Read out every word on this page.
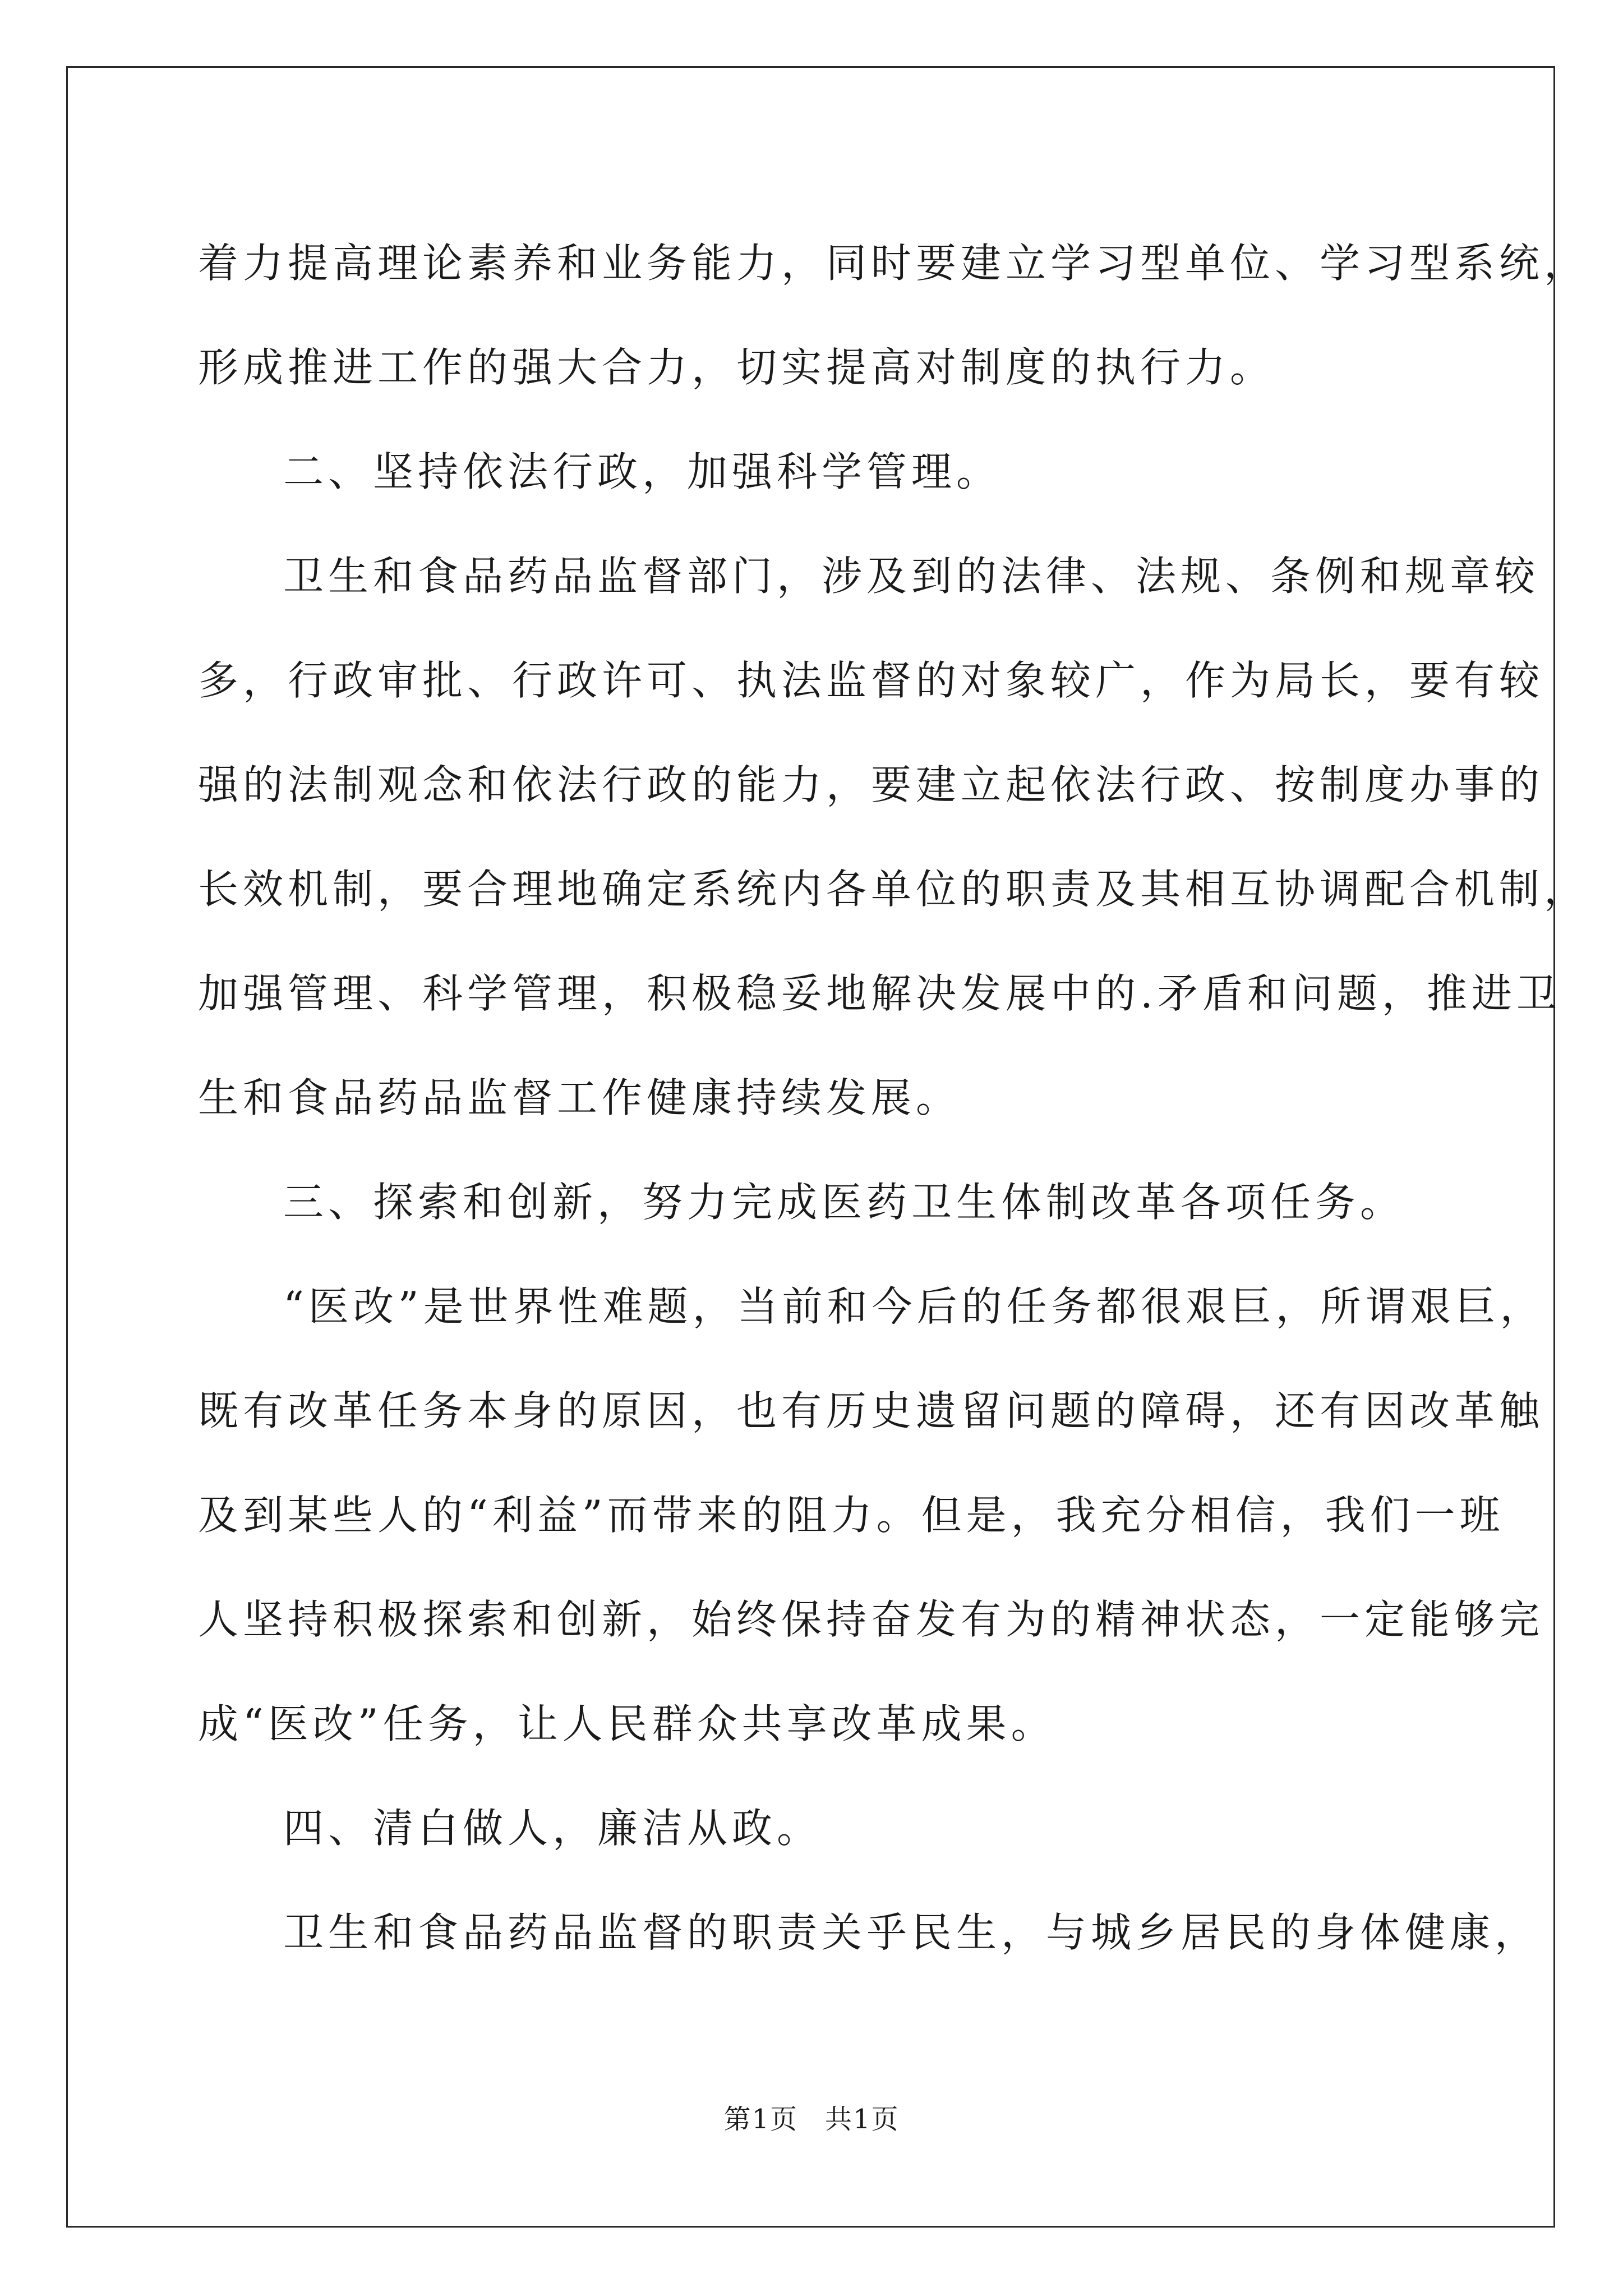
着力提高理论素养和业务能力，同时要建立学习型单位、学习型系统，

形成推进工作的强大合力，切实提高对制度的执行力。

二、坚持依法行政，加强科学管理。

卫生和食品药品监督部门，涉及到的法律、法规、条例和规章较

多，行政审批、行政许可、执法监督的对象较广，作为局长，要有较

强的法制观念和依法行政的能力，要建立起依法行政、按制度办事的

长效机制，要合理地确定系统内各单位的职责及其相互协调配合机制，

加强管理、科学管理，积极稳妥地解决发展中的.矛盾和问题，推进卫

生和食品药品监督工作健康持续发展。

三、探索和创新，努力完成医药卫生体制改革各项任务。

“医改”是世界性难题，当前和今后的任务都很艰巨，所谓艰巨，

既有改革任务本身的原因，也有历史遗留问题的障碍，还有因改革触

及到某些人的“利益”而带来的阻力。但是，我充分相信，我们一班

人坚持积极探索和创新，始终保持奋发有为的精神状态，一定能够完

成“医改”任务，让人民群众共享改革成果。

四、清白做人，廉洁从政。

卫生和食品药品监督的职责关乎民生，与城乡居民的身体健康，

第1页 共1页
